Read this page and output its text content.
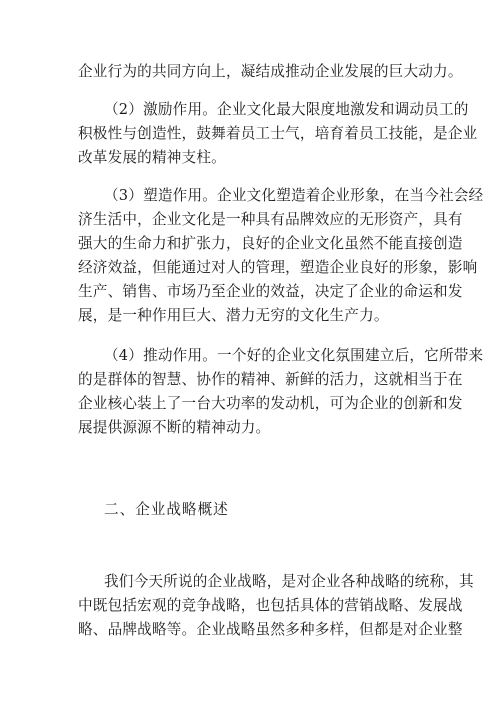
企业行为的共同方向上，凝结成推动企业发展的巨大动力。
（2）激励作用。企业文化最大限度地激发和调动员工的
积极性与创造性，鼓舞着员工士气，培育着员工技能，是企业
改革发展的精神支柱。
（3）塑造作用。企业文化塑造着企业形象，在当今社会经
济生活中，企业文化是一种具有品牌效应的无形资产，具有
强大的生命力和扩张力，良好的企业文化虽然不能直接创造
经济效益，但能通过对人的管理，塑造企业良好的形象，影响
生产、销售、市场乃至企业的效益，决定了企业的命运和发
展，是一种作用巨大、潜力无穷的文化生产力。
（4）推动作用。一个好的企业文化氛围建立后，它所带来
的是群体的智慧、协作的精神、新鲜的活力，这就相当于在
企业核心装上了一台大功率的发动机，可为企业的创新和发
展提供源源不断的精神动力。
二、企业战略概述
我们今天所说的企业战略，是对企业各种战略的统称，其
中既包括宏观的竞争战略，也包括具体的营销战略、发展战
略、品牌战略等。企业战略虽然多种多样，但都是对企业整
